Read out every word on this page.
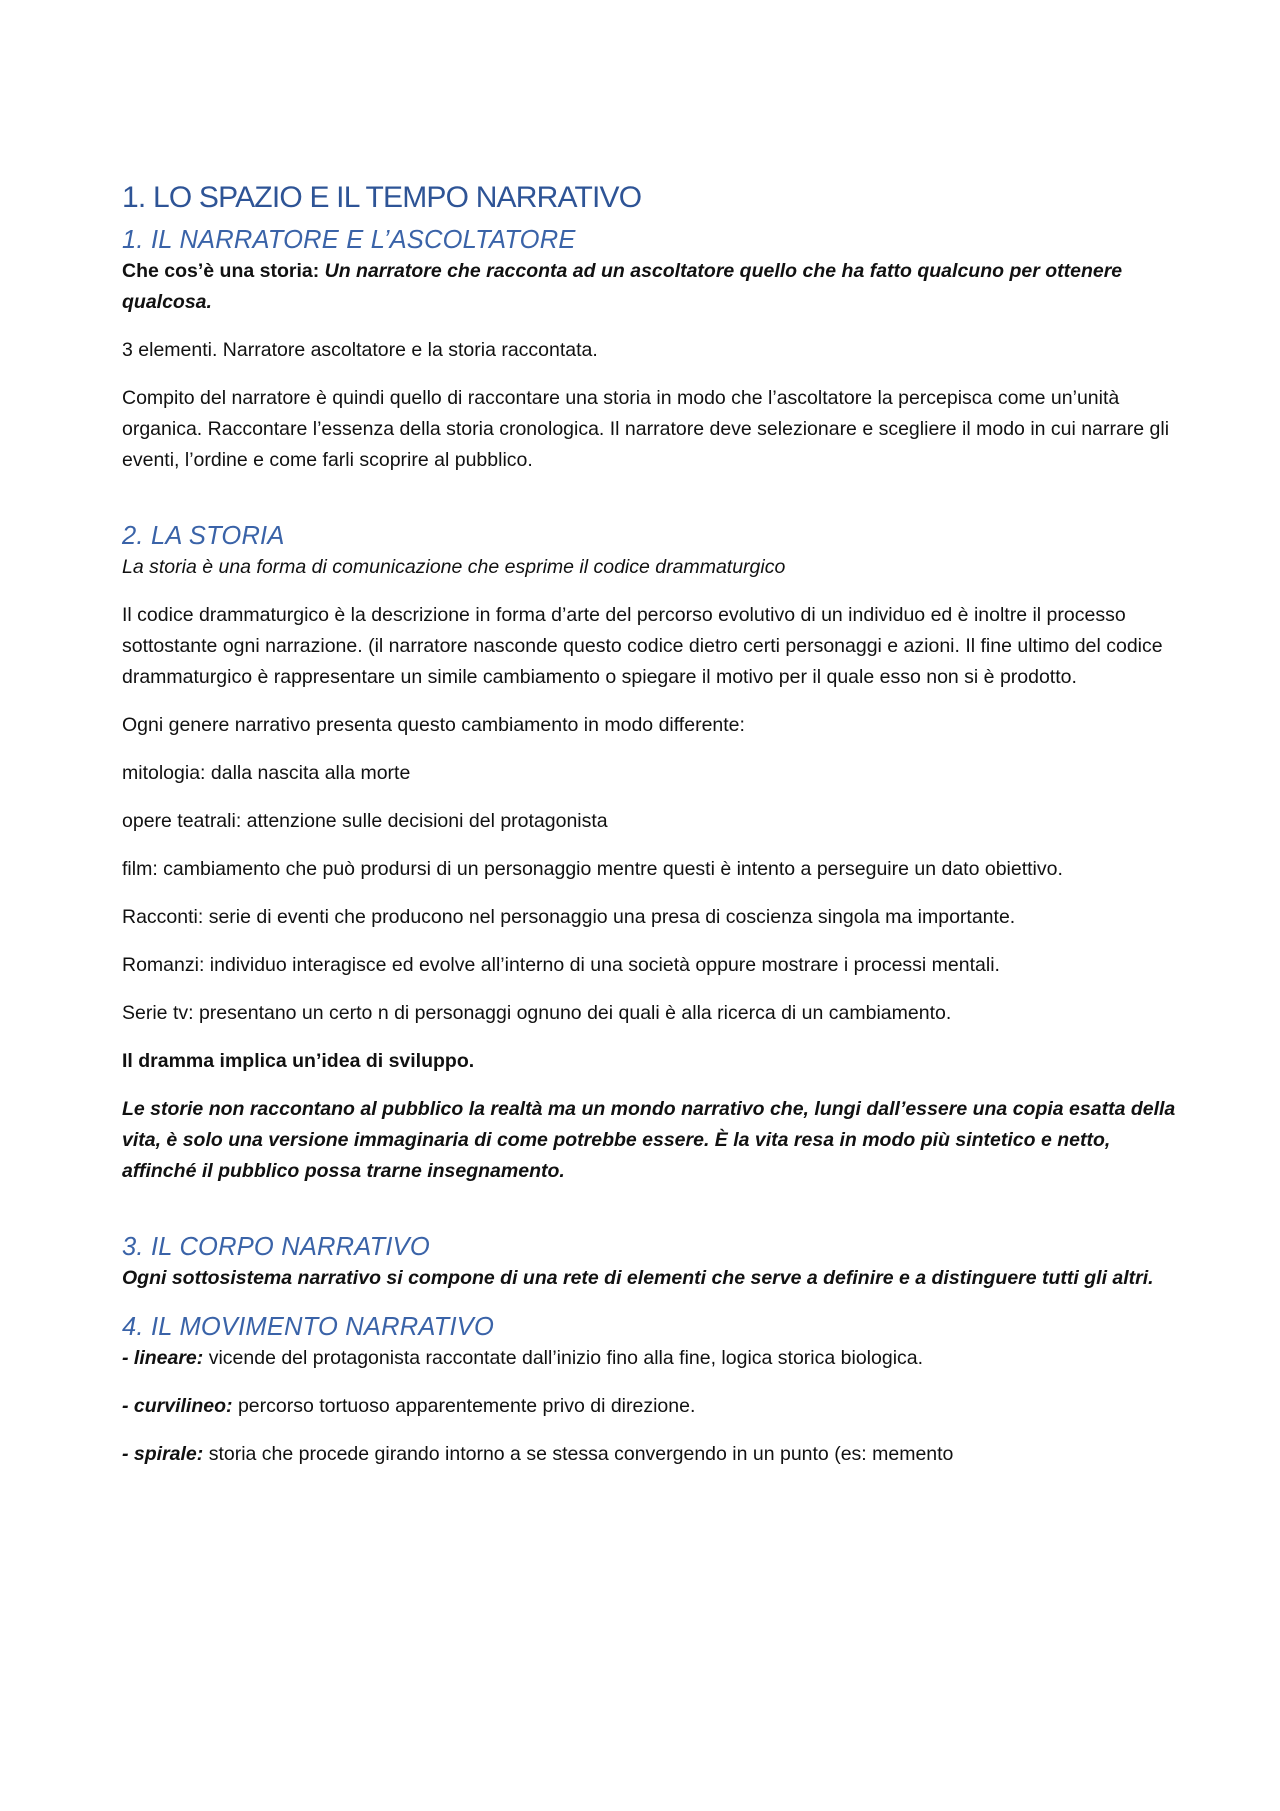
1. LO SPAZIO E IL TEMPO NARRATIVO
1. IL NARRATORE E L’ASCOLTATORE

Che cos’è una storia: Un narratore che racconta ad un ascoltatore quello che ha fatto qualcuno per ottenere qualcosa.

3 elementi. Narratore ascoltatore e la storia raccontata.

Compito del narratore è quindi quello di raccontare una storia in modo che l’ascoltatore la percepisca come un’unità organica. Raccontare l’essenza della storia cronologica. Il narratore deve selezionare e scegliere il modo in cui narrare gli eventi, l’ordine e come farli scoprire al pubblico.

2. LA STORIA

La storia è una forma di comunicazione che esprime il codice drammaturgico

Il codice drammaturgico è la descrizione in forma d’arte del percorso evolutivo di un individuo ed è inoltre il processo sottostante ogni narrazione. (il narratore nasconde questo codice dietro certi personaggi e azioni. Il fine ultimo del codice drammaturgico è rappresentare un simile cambiamento o spiegare il motivo per il quale esso non si è prodotto.

Ogni genere narrativo presenta questo cambiamento in modo differente:

mitologia: dalla nascita alla morte

opere teatrali: attenzione sulle decisioni del protagonista

film: cambiamento che può prodursi di un personaggio mentre questi è intento a perseguire un dato obiettivo.

Racconti: serie di eventi che producono nel personaggio una presa di coscienza singola ma importante.

Romanzi: individuo interagisce ed evolve all’interno di una società oppure mostrare i processi mentali.

Serie tv: presentano un certo n di personaggi ognuno dei quali è alla ricerca di un cambiamento.

Il dramma implica un’idea di sviluppo.

Le storie non raccontano al pubblico la realtà ma un mondo narrativo che, lungi dall’essere una copia esatta della vita, è solo una versione immaginaria di come potrebbe essere. È la vita resa in modo più sintetico e netto, affinché il pubblico possa trarne insegnamento.

3. IL CORPO NARRATIVO

Ogni sottosistema narrativo si compone di una rete di elementi che serve a definire e a distinguere tutti gli altri.

4. IL MOVIMENTO NARRATIVO

- lineare: vicende del protagonista raccontate dall’inizio fino alla fine, logica storica biologica.

- curvilineo: percorso tortuoso apparentemente privo di direzione.

- spirale: storia che procede girando intorno a se stessa convergendo in un punto (es: memento
